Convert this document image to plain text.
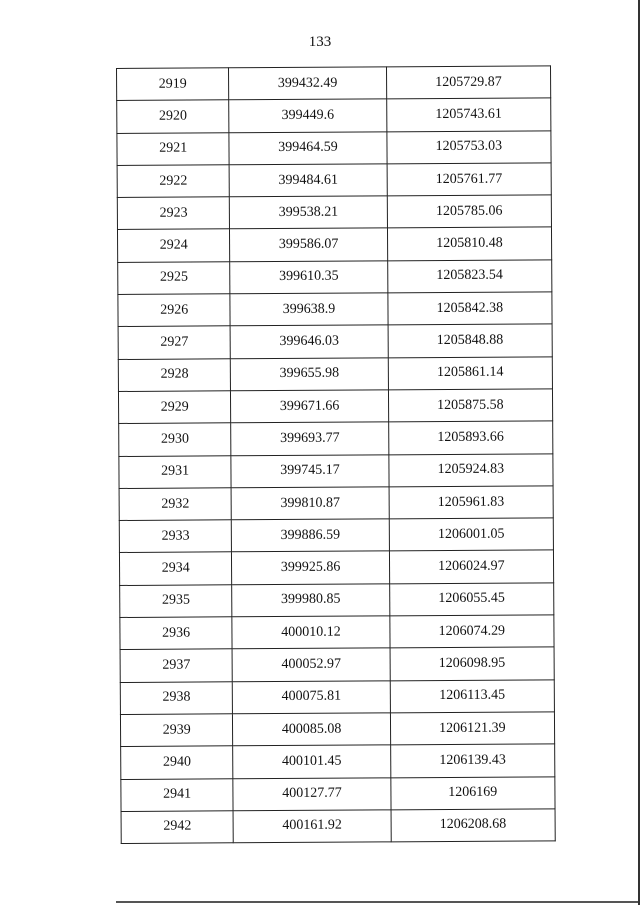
133
2919	399432.49	1205729.87
2920	399449.6	1205743.61
2921	399464.59	1205753.03
2922	399484.61	1205761.77
2923	399538.21	1205785.06
2924	399586.07	1205810.48
2925	399610.35	1205823.54
2926	399638.9	1205842.38
2927	399646.03	1205848.88
2928	399655.98	1205861.14
2929	399671.66	1205875.58
2930	399693.77	1205893.66
2931	399745.17	1205924.83
2932	399810.87	1205961.83
2933	399886.59	1206001.05
2934	399925.86	1206024.97
2935	399980.85	1206055.45
2936	400010.12	1206074.29
2937	400052.97	1206098.95
2938	400075.81	1206113.45
2939	400085.08	1206121.39
2940	400101.45	1206139.43
2941	400127.77	1206169
2942	400161.92	1206208.68
